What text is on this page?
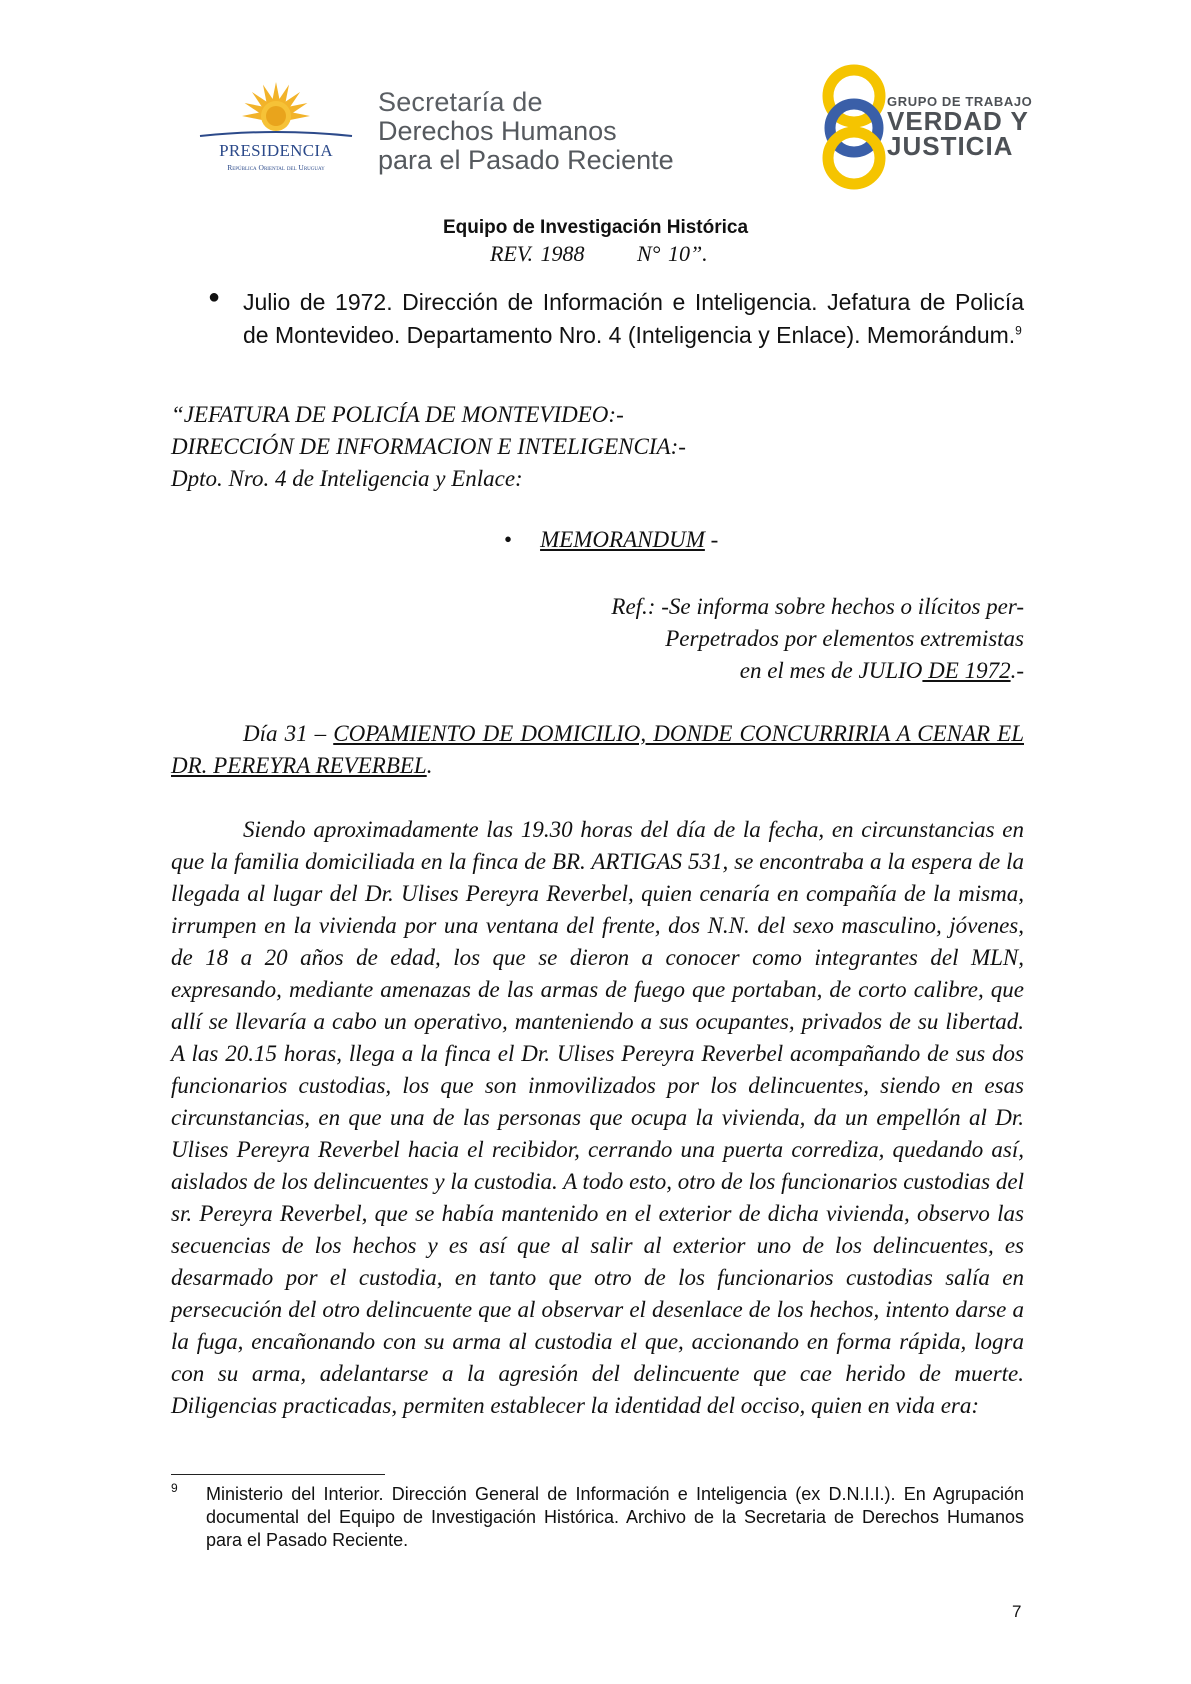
PRESIDENCIA
República Oriental del Uruguay
Secretaría de
Derechos Humanos
para el Pasado Reciente
GRUPO DE TRABAJO
VERDAD Y
JUSTICIA
Equipo de Investigación Histórica
REV. 1988       N° 10”.
● Julio de 1972. Dirección de Información e Inteligencia. Jefatura de Policía de Montevideo. Departamento Nro. 4 (Inteligencia y Enlace). Memorándum.$^9$
“JEFATURA DE POLICÍA DE MONTEVIDEO:-
DIRECCIÓN DE INFORMACION E INTELIGENCIA:-
Dpto. Nro. 4 de Inteligencia y Enlace:
• MEMORANDUM -
Ref.: -Se informa sobre hechos o ilícitos per-
Perpetrados por elementos extremistas
en el mes de JULIO DE 1972.-
Día 31 – COPAMIENTO DE DOMICILIO, DONDE CONCURRIRIA A CENAR EL DR. PEREYRA REVERBEL.
Siendo aproximadamente las 19.30 horas del día de la fecha, en circunstancias en que la familia domiciliada en la finca de BR. ARTIGAS 531, se encontraba a la espera de la llegada al lugar del Dr. Ulises Pereyra Reverbel, quien cenaría en compañía de la misma, irrumpen en la vivienda por una ventana del frente, dos N.N. del sexo masculino, jóvenes, de 18 a 20 años de edad, los que se dieron a conocer como integrantes del MLN, expresando, mediante amenazas de las armas de fuego que portaban, de corto calibre, que allí se llevaría a cabo un operativo, manteniendo a sus ocupantes, privados de su libertad. A las 20.15 horas, llega a la finca el Dr. Ulises Pereyra Reverbel acompañando de sus dos funcionarios custodias, los que son inmovilizados por los delincuentes, siendo en esas circunstancias, en que una de las personas que ocupa la vivienda, da un empellón al Dr. Ulises Pereyra Reverbel hacia el recibidor, cerrando una puerta corrediza, quedando así, aislados de los delincuentes y la custodia. A todo esto, otro de los funcionarios custodias del sr. Pereyra Reverbel, que se había mantenido en el exterior de dicha vivienda, observo las secuencias de los hechos y es así que al salir al exterior uno de los delincuentes, es desarmado por el custodia, en tanto que otro de los funcionarios custodias salía en persecución del otro delincuente que al observar el desenlace de los hechos, intento darse a la fuga, encañonando con su arma al custodia el que, accionando en forma rápida, logra con su arma, adelantarse a la agresión del delincuente que cae herido de muerte. Diligencias practicadas, permiten establecer la identidad del occiso, quien en vida era:
9 Ministerio del Interior. Dirección General de Información e Inteligencia (ex D.N.I.I.). En Agrupación documental del Equipo de Investigación Histórica. Archivo de la Secretaria de Derechos Humanos para el Pasado Reciente.
7
